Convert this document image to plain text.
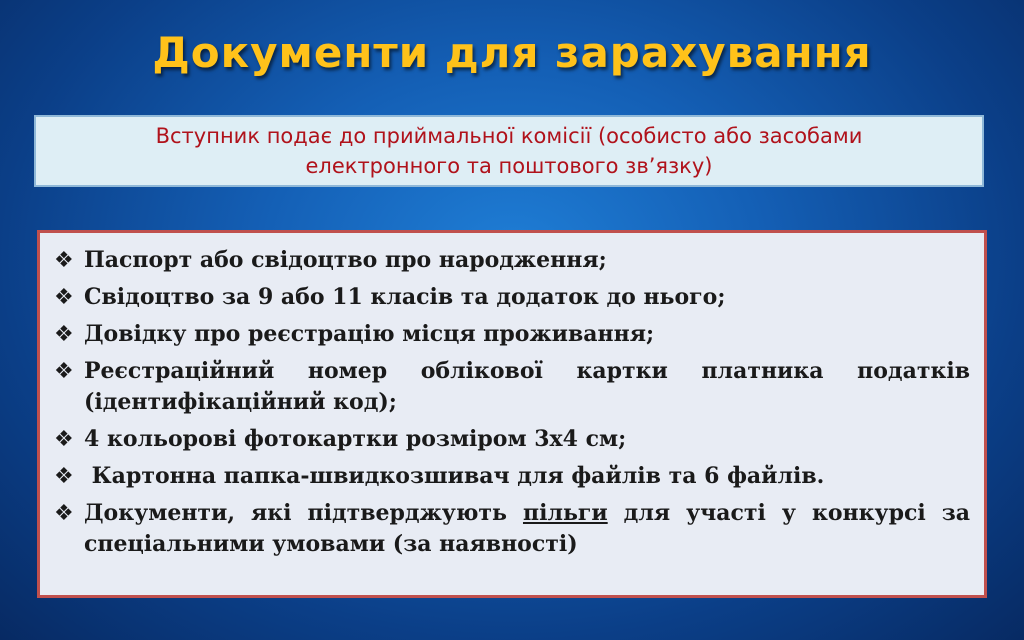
Документи для зарахування

Вступник подає до приймальної комісії (особисто або засобами електронного та поштового зв’язку)

❖ Паспорт або свідоцтво про народження;
❖ Свідоцтво за 9 або 11 класів та додаток до нього;
❖ Довідку про реєстрацію місця проживання;
❖ Реєстраційний номер облікової картки платника податків (ідентифікаційний код);
❖ 4 кольорові фотокартки розміром 3х4 см;
❖ Картонна папка-швидкозшивач для файлів та 6 файлів.
❖ Документи, які підтверджують пільги для участі у конкурсі за спеціальними умовами (за наявності)
